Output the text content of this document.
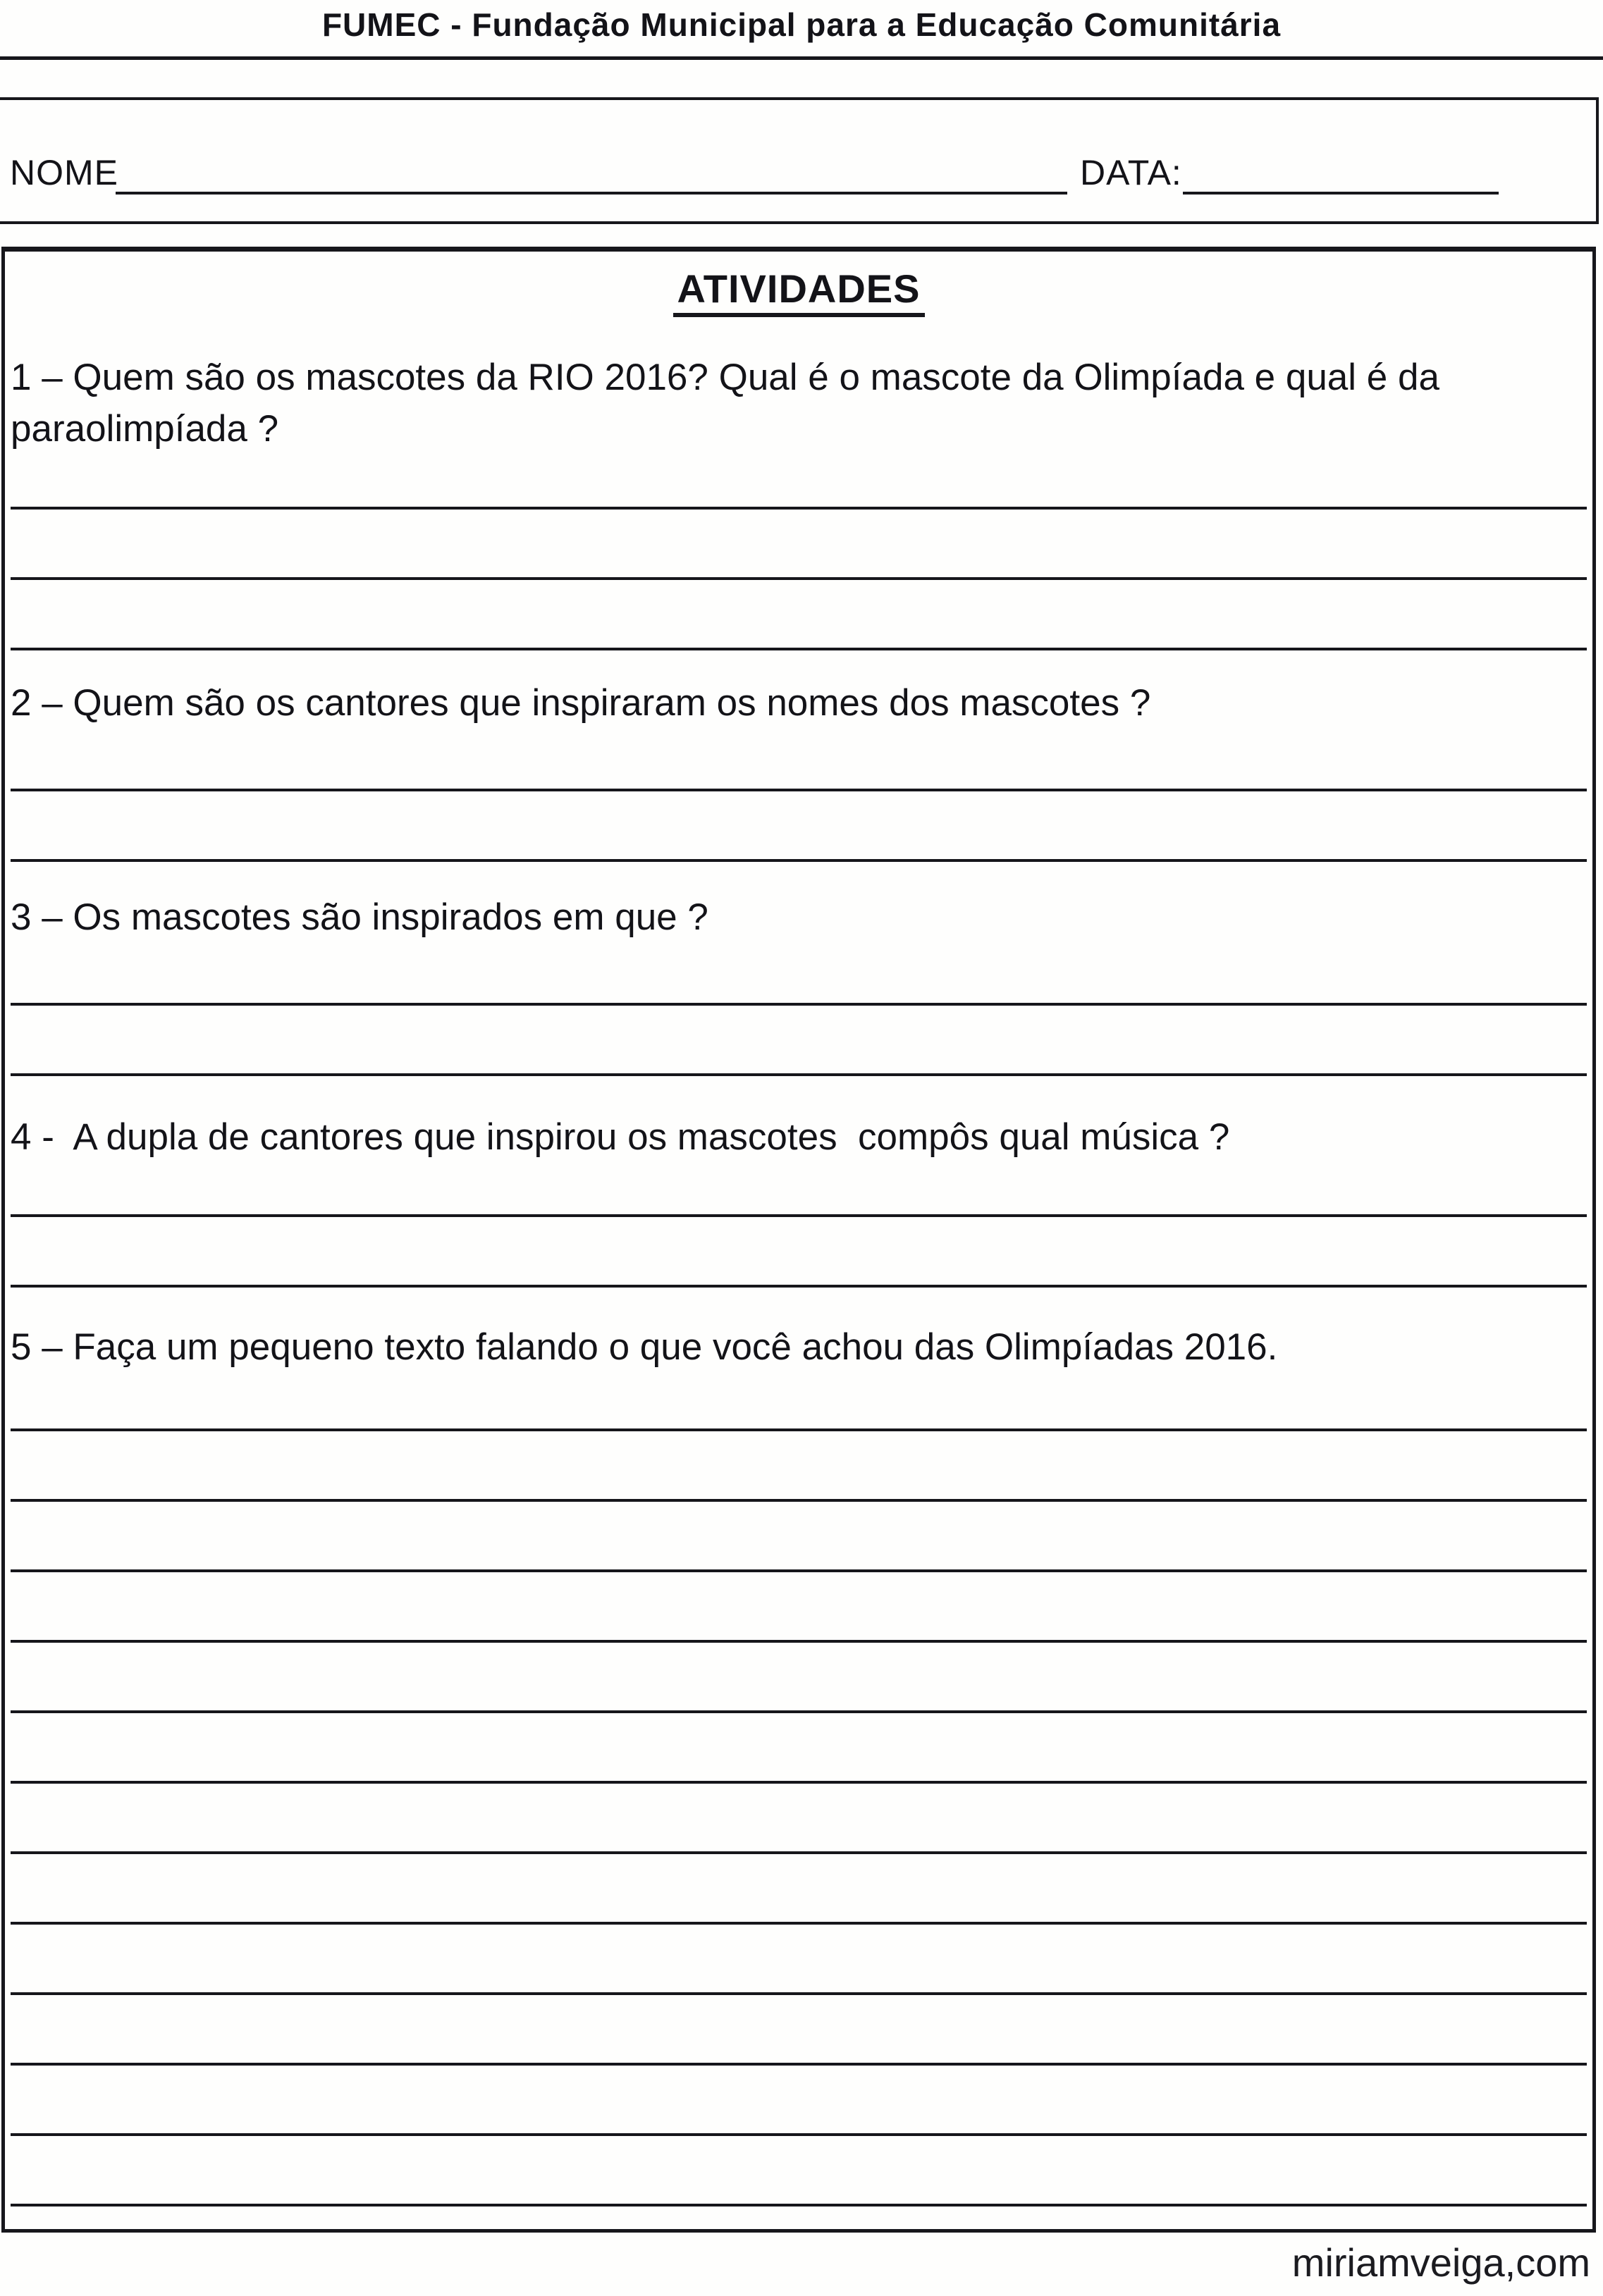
FUMEC - Fundação Municipal para a Educação Comunitária
NOME	DATA:
ATIVIDADES
1 – Quem são os mascotes da RIO 2016? Qual é o mascote da Olimpíada e qual é da paraolimpíada ?
2 – Quem são os cantores que inspiraram os nomes dos mascotes ?
3 – Os mascotes são inspirados em que ?
4 -  A dupla de cantores que inspirou os mascotes  compôs qual música ?
5 – Faça um pequeno texto falando o que você achou das Olimpíadas 2016.
miriamveiga,com
